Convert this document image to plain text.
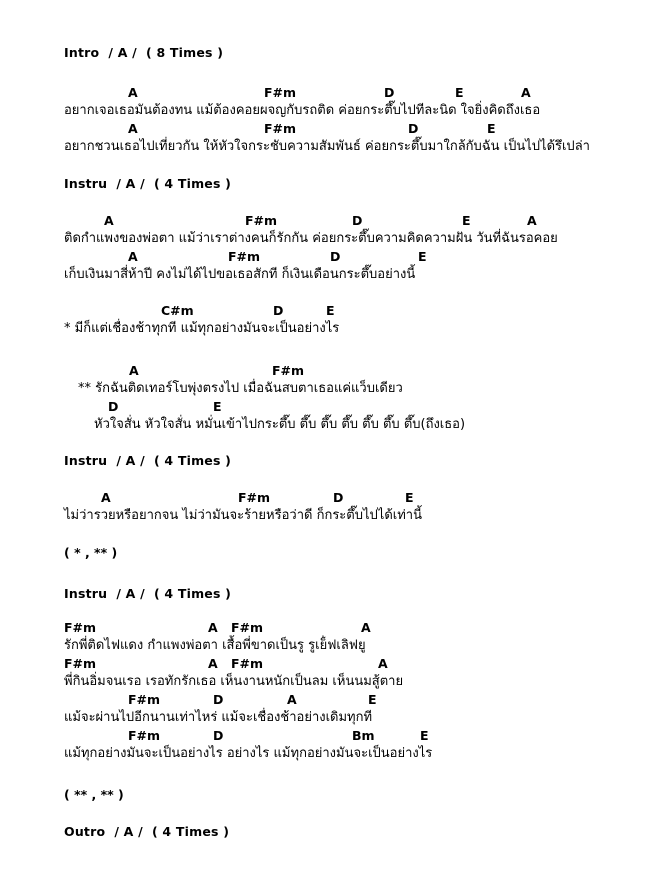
Intro  / A /  ( 8 Times )
A	F#m	D	E	A
อยากเจอเธอมันต้องทน แม้ต้องคอยผจญกับรถติด ค่อยกระตึ๊บไปทีละนิด ใจยิ่งคิดถึงเธอ
A	F#m	D	E
อยากชวนเธอไปเที่ยวกัน ให้หัวใจกระชับความสัมพันธ์ ค่อยกระตึ๊บมาใกล้กับฉัน เป็นไปได้รึเปล่า
Instru  / A /  ( 4 Times )
A	F#m	D	E	A
ติดกำแพงของพ่อตา แม้ว่าเราต่างคนก็รักกัน ค่อยกระตึ๊บความคิดความฝัน วันที่ฉันรอคอย
A	F#m	D	E
เก็บเงินมาสี่ห้าปี คงไม่ได้ไปขอเธอสักที ก็เงินเดือนกระตึ๊บอย่างนี้
C#m	D	E
* มีก็แต่เชื่องช้าทุกที แม้ทุกอย่างมันจะเป็นอย่างไร
A	F#m
** รักฉันติดเทอร์โบพุ่งตรงไป เมื่อฉันสบตาเธอแค่แว็บเดียว
D	E
หัวใจสั่น หัวใจสั่น หมั่นเข้าไปกระตึ๊บ ตึ๊บ ตึ๊บ ตึ๊บ ตึ๊บ ตึ๊บ ตึ๊บ(ถึงเธอ)
Instru  / A /  ( 4 Times )
A	F#m	D	E
ไม่ว่ารวยหรือยากจน ไม่ว่ามันจะร้ายหรือว่าดี ก็กระตึ๊บไปได้เท่านี้
( * , ** )
Instru  / A /  ( 4 Times )
F#m	A F#m	A
รักพี่ติดไฟแดง กำแพงพ่อตา เสื้อพี่ขาดเป็นรู รูเย็ํฟเลิฟยู
F#m	A F#m	A
พี่กินอิ่มจนเรอ เรอทักรักเธอ เห็นงานหนักเป็นลม เห็นนมสู้ตาย
F#m	D	A	E
แม้จะผ่านไปอีกนานเท่าไหร่ แม้จะเชื่องช้าอย่างเดิมทุกที
F#m	D	Bm	E
แม้ทุกอย่างมันจะเป็นอย่างไร อย่างไร แม้ทุกอย่างมันจะเป็นอย่างไร
( ** , ** )
Outro  / A /  ( 4 Times )
